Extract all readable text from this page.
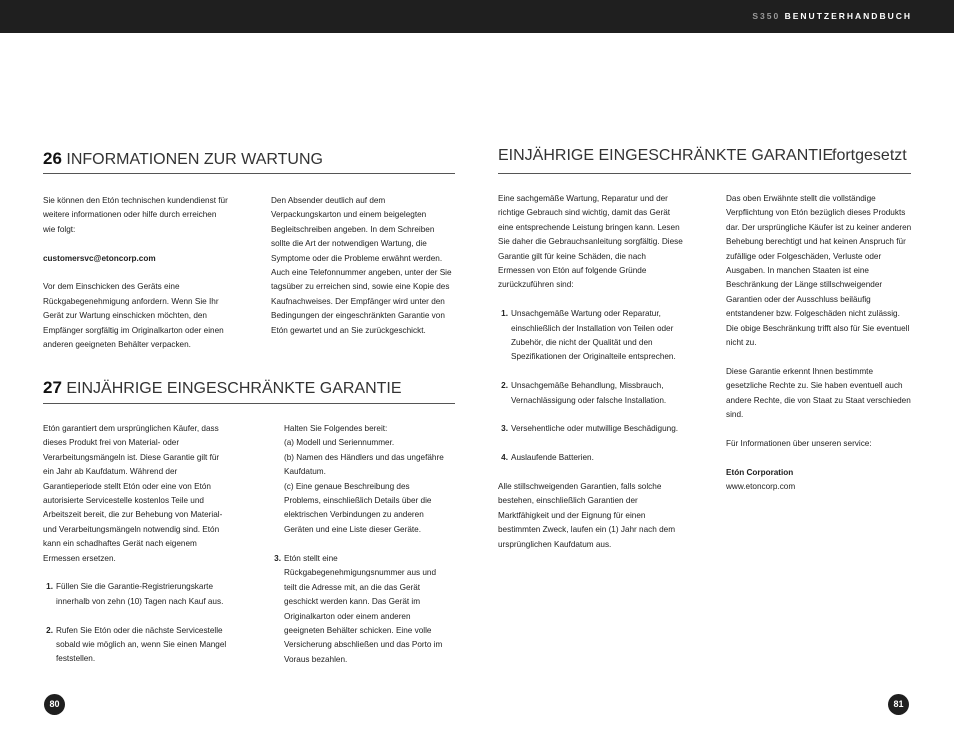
S350 BENUTZERHANDBUCH
26 INFORMATIONEN ZUR WARTUNG

Sie können den Etón technischen kundendienst für weitere informationen oder hilfe durch erreichen wie folgt:

customersvc@etoncorp.com

Vor dem Einschicken des Geräts eine Rückgabegenehmigung anfordern. Wenn Sie Ihr Gerät zur Wartung einschicken möchten, den Empfänger sorgfältig im Originalkarton oder einen anderen geeigneten Behälter verpacken.

Den Absender deutlich auf dem Verpackungskarton und einem beigelegten Begleitschreiben angeben. In dem Schreiben sollte die Art der notwendigen Wartung, die Symptome oder die Probleme erwähnt werden. Auch eine Telefonnummer angeben, unter der Sie tagsüber zu erreichen sind, sowie eine Kopie des Kaufnachweises. Der Empfänger wird unter den Bedingungen der eingeschränkten Garantie von Etón gewartet und an Sie zurückgeschickt.

27 EINJÄHRIGE EINGESCHRÄNKTE GARANTIE

Etón garantiert dem ursprünglichen Käufer, dass dieses Produkt frei von Material- oder Verarbeitungsmängeln ist. Diese Garantie gilt für ein Jahr ab Kaufdatum. Während der Garantieperiode stellt Etón oder eine von Etón autorisierte Servicestelle kostenlos Teile und Arbeitszeit bereit, die zur Behebung von Material- und Verarbeitungsmängeln notwendig sind. Etón kann ein schadhaftes Gerät nach eigenem Ermessen ersetzen.

1. Füllen Sie die Garantie-Registrierungskarte innerhalb von zehn (10) Tagen nach Kauf aus.
2. Rufen Sie Etón oder die nächste Servicestelle sobald wie möglich an, wenn Sie einen Mangel feststellen.
Halten Sie Folgendes bereit:
(a) Modell und Seriennummer.
(b) Namen des Händlers und das ungefähre Kaufdatum.

(c) Eine genaue Beschreibung des Problems, einschließlich Details über die elektrischen Verbindungen zu anderen Geräten und eine Liste dieser Geräte.

3. Etón stellt eine Rückgabegenehmigungsnummer aus und teilt die Adresse mit, an die das Gerät geschickt werden kann. Das Gerät im Originalkarton oder einem anderen geeigneten Behälter schicken. Eine volle Versicherung abschließen und das Porto im Voraus bezahlen.
EINJÄHRIGE EINGESCHRÄNKTE GARANTIE
fortgesetzt

Eine sachgemäße Wartung, Reparatur und der richtige Gebrauch sind wichtig, damit das Gerät eine entsprechende Leistung bringen kann. Lesen Sie daher die Gebrauchsanleitung sorgfältig. Diese Garantie gilt für keine Schäden, die nach Ermessen von Etón auf folgende Gründe zurückzuführen sind:

1. Unsachgemäße Wartung oder Reparatur, einschließlich der Installation von Teilen oder Zubehör, die nicht der Qualität und den Spezifikationen der Originalteile entsprechen.
2. Unsachgemäße Behandlung, Missbrauch, Vernachlässigung oder falsche Installation.
3. Versehentliche oder mutwillige Beschädigung.
4. Auslaufende Batterien.

Alle stillschweigenden Garantien, falls solche bestehen, einschließlich Garantien der Marktfähigkeit und der Eignung für einen bestimmten Zweck, laufen ein (1) Jahr nach dem ursprünglichen Kaufdatum aus.

Das oben Erwähnte stellt die vollständige Verpflichtung von Etón bezüglich dieses Produkts dar. Der ursprüngliche Käufer ist zu keiner anderen Behebung berechtigt und hat keinen Anspruch für zufällige oder Folgeschäden, Verluste oder Ausgaben. In manchen Staaten ist eine Beschränkung der Länge stillschweigender Garantien oder der Ausschluss beiläufig entstandener bzw. Folgeschäden nicht zulässig. Die obige Beschränkung trifft also für Sie eventuell nicht zu.

Diese Garantie erkennt Ihnen bestimmte gesetzliche Rechte zu. Sie haben eventuell auch andere Rechte, die von Staat zu Staat verschieden sind.

Für Informationen über unseren service:

Etón Corporation
www.etoncorp.com
80	81
